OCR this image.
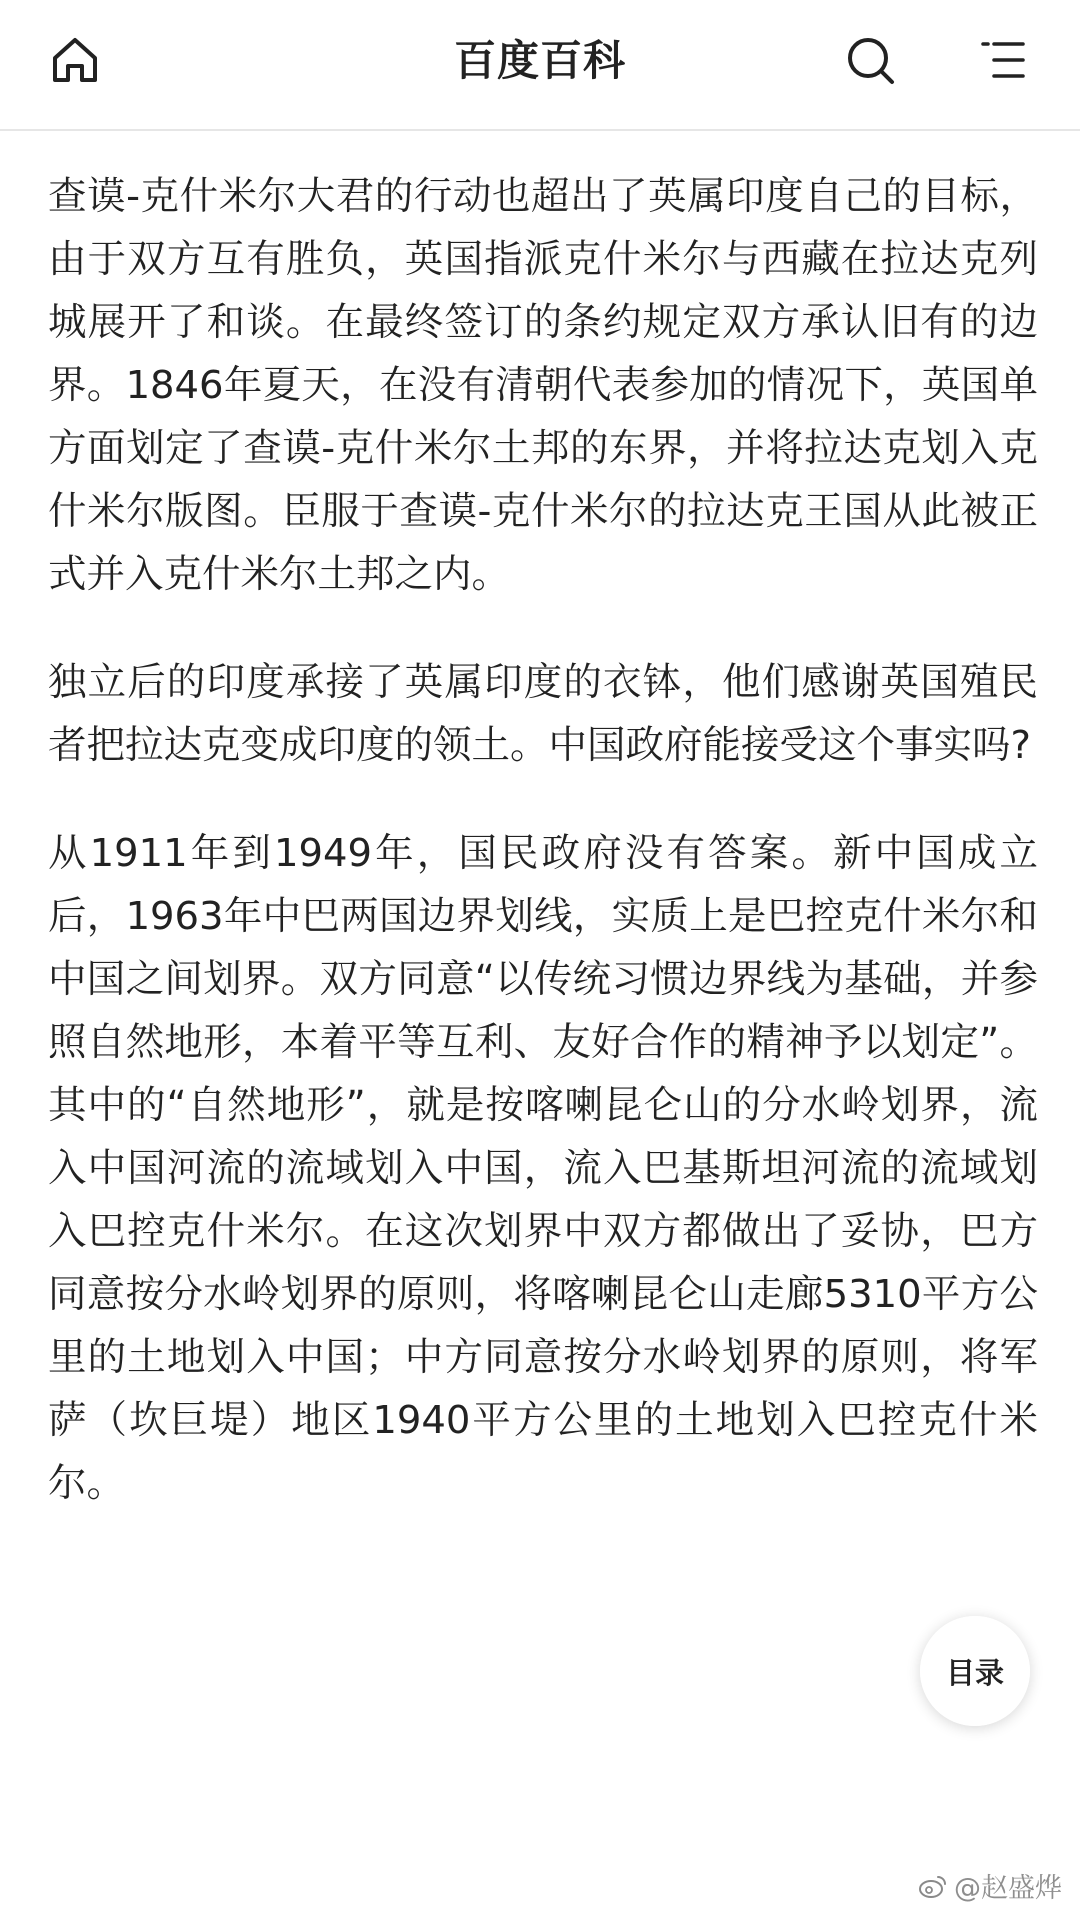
百度百科

查谟-克什米尔大君的行动也超出了英属印度自己的目标，由于双方互有胜负，英国指派克什米尔与西藏在拉达克列城展开了和谈。在最终签订的条约规定双方承认旧有的边界。1846年夏天，在没有清朝代表参加的情况下，英国单方面划定了查谟-克什米尔土邦的东界，并将拉达克划入克什米尔版图。臣服于查谟-克什米尔的拉达克王国从此被正式并入克什米尔土邦之内。

独立后的印度承接了英属印度的衣钵，他们感谢英国殖民者把拉达克变成印度的领土。中国政府能接受这个事实吗?

从1911年到1949年，国民政府没有答案。新中国成立后，1963年中巴两国边界划线，实质上是巴控克什米尔和中国之间划界。双方同意“以传统习惯边界线为基础，并参照自然地形，本着平等互利、友好合作的精神予以划定”。其中的“自然地形”，就是按喀喇昆仑山的分水岭划界，流入中国河流的流域划入中国，流入巴基斯坦河流的流域划入巴控克什米尔。在这次划界中双方都做出了妥协，巴方同意按分水岭划界的原则，将喀喇昆仑山走廊5310平方公里的土地划入中国；中方同意按分水岭划界的原则，将军萨（坎巨堤）地区1940平方公里的土地划入巴控克什米尔。

目录
@赵盛烨
